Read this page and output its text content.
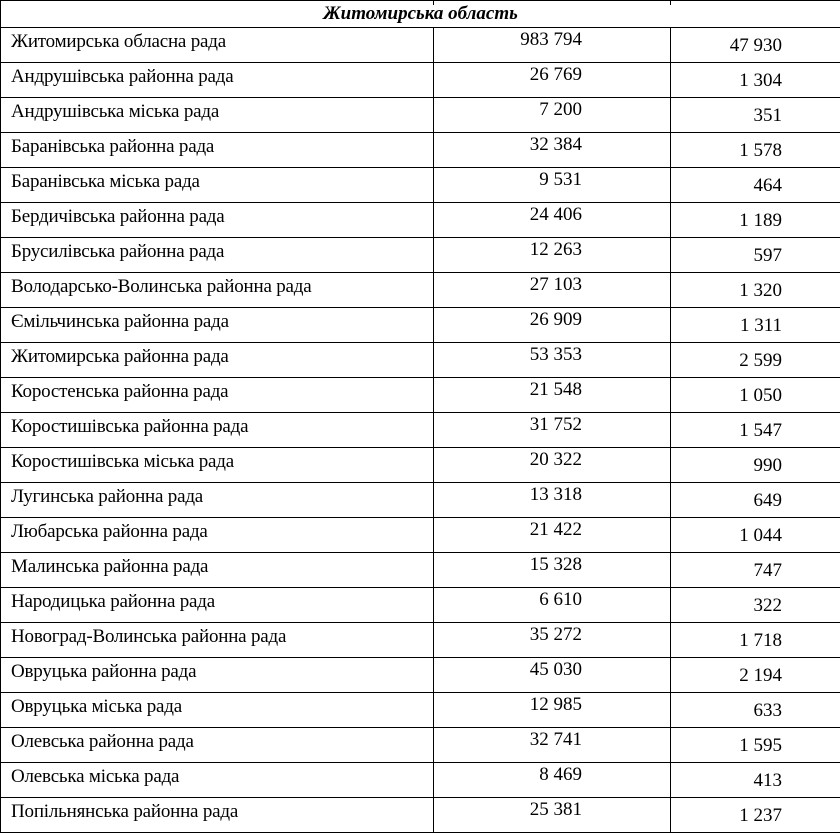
Житомирська область		
Житомирська обласна рада	983 794	47 930
Андрушівська районна рада	26 769	1 304
Андрушівська міська рада	7 200	351
Баранівська районна рада	32 384	1 578
Баранівська міська рада	9 531	464
Бердичівська районна рада	24 406	1 189
Брусилівська районна рада	12 263	597
Володарсько-Волинська районна рада	27 103	1 320
Ємільчинська районна рада	26 909	1 311
Житомирська районна рада	53 353	2 599
Коростенська районна рада	21 548	1 050
Коростишівська районна рада	31 752	1 547
Коростишівська міська рада	20 322	990
Лугинська районна рада	13 318	649
Любарська районна рада	21 422	1 044
Малинська районна рада	15 328	747
Народицька районна рада	6 610	322
Новоград-Волинська районна рада	35 272	1 718
Овруцька районна рада	45 030	2 194
Овруцька міська рада	12 985	633
Олевська районна рада	32 741	1 595
Олевська міська рада	8 469	413
Попільнянська районна рада	25 381	1 237
